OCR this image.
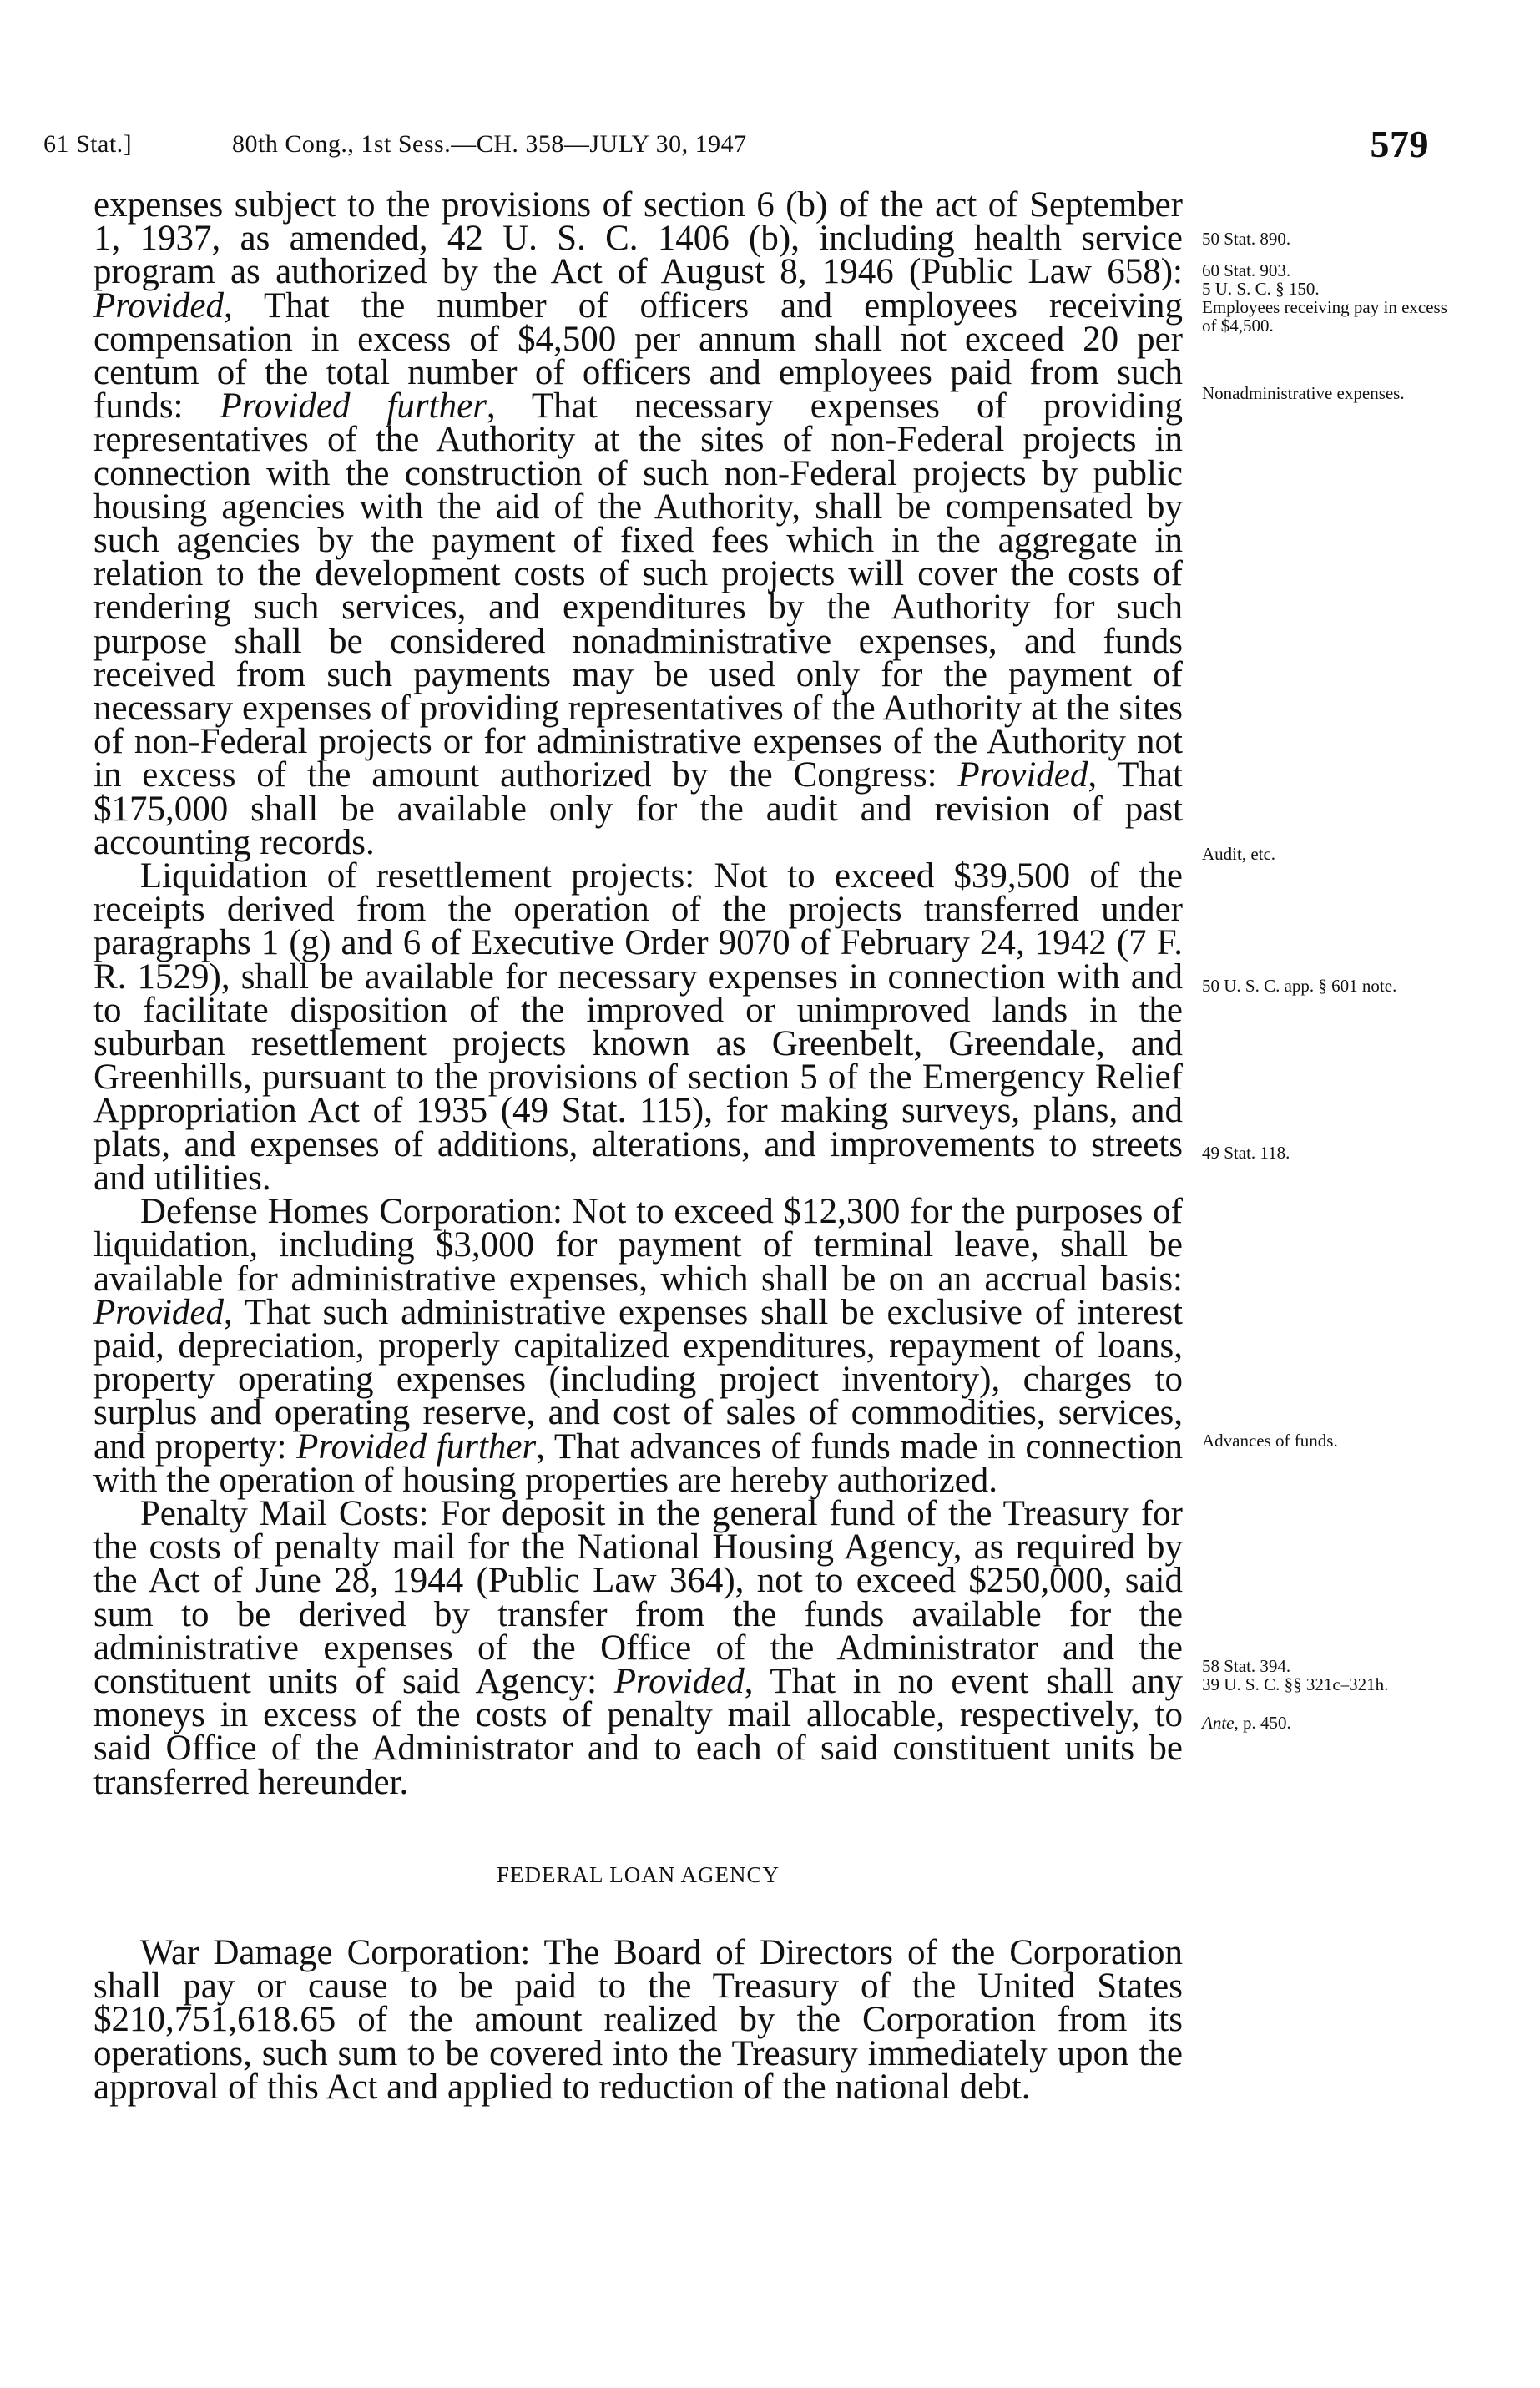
61 Stat.]	80th Cong., 1st Sess.—CH. 358—JULY 30, 1947	579

expenses subject to the provisions of section 6 (b) of the act of September 1, 1937, as amended, 42 U. S. C. 1406 (b), including health service program as authorized by the Act of August 8, 1946 (Public Law 658): Provided, That the number of officers and employees receiving compensation in excess of $4,500 per annum shall not exceed 20 per centum of the total number of officers and employees paid from such funds: Provided further, That necessary expenses of providing representatives of the Authority at the sites of non-Federal projects in connection with the construction of such non-Federal projects by public housing agencies with the aid of the Authority, shall be compensated by such agencies by the payment of fixed fees which in the aggregate in relation to the development costs of such projects will cover the costs of rendering such services, and expenditures by the Authority for such purpose shall be considered nonadministrative expenses, and funds received from such payments may be used only for the payment of necessary expenses of providing representatives of the Authority at the sites of non-Federal projects or for administrative expenses of the Authority not in excess of the amount authorized by the Congress: Provided, That $175,000 shall be available only for the audit and revision of past accounting records.

Liquidation of resettlement projects: Not to exceed $39,500 of the receipts derived from the operation of the projects transferred under paragraphs 1 (g) and 6 of Executive Order 9070 of February 24, 1942 (7 F. R. 1529), shall be available for necessary expenses in connection with and to facilitate disposition of the improved or unimproved lands in the suburban resettlement projects known as Greenbelt, Greendale, and Greenhills, pursuant to the provisions of section 5 of the Emergency Relief Appropriation Act of 1935 (49 Stat. 115), for making surveys, plans, and plats, and expenses of additions, alterations, and improvements to streets and utilities.

Defense Homes Corporation: Not to exceed $12,300 for the purposes of liquidation, including $3,000 for payment of terminal leave, shall be available for administrative expenses, which shall be on an accrual basis: Provided, That such administrative expenses shall be exclusive of interest paid, depreciation, properly capitalized expenditures, repayment of loans, property operating expenses (including project inventory), charges to surplus and operating reserve, and cost of sales of commodities, services, and property: Provided further, That advances of funds made in connection with the operation of housing properties are hereby authorized.

Penalty Mail Costs: For deposit in the general fund of the Treasury for the costs of penalty mail for the National Housing Agency, as required by the Act of June 28, 1944 (Public Law 364), not to exceed $250,000, said sum to be derived by transfer from the funds available for the administrative expenses of the Office of the Administrator and the constituent units of said Agency: Provided, That in no event shall any moneys in excess of the costs of penalty mail allocable, respectively, to said Office of the Administrator and to each of said constituent units be transferred hereunder.

FEDERAL LOAN AGENCY

War Damage Corporation: The Board of Directors of the Corporation shall pay or cause to be paid to the Treasury of the United States $210,751,618.65 of the amount realized by the Corporation from its operations, such sum to be covered into the Treasury immediately upon the approval of this Act and applied to reduction of the national debt.

50 Stat. 890.
60 Stat. 903.
5 U. S. C. § 150.
Employees receiving pay in excess of $4,500.
Nonadministrative expenses.
Audit, etc.
50 U. S. C. app. § 601 note.
49 Stat. 118.
Advances of funds.
58 Stat. 394.
39 U. S. C. §§ 321c–321h.
Ante, p. 450.
